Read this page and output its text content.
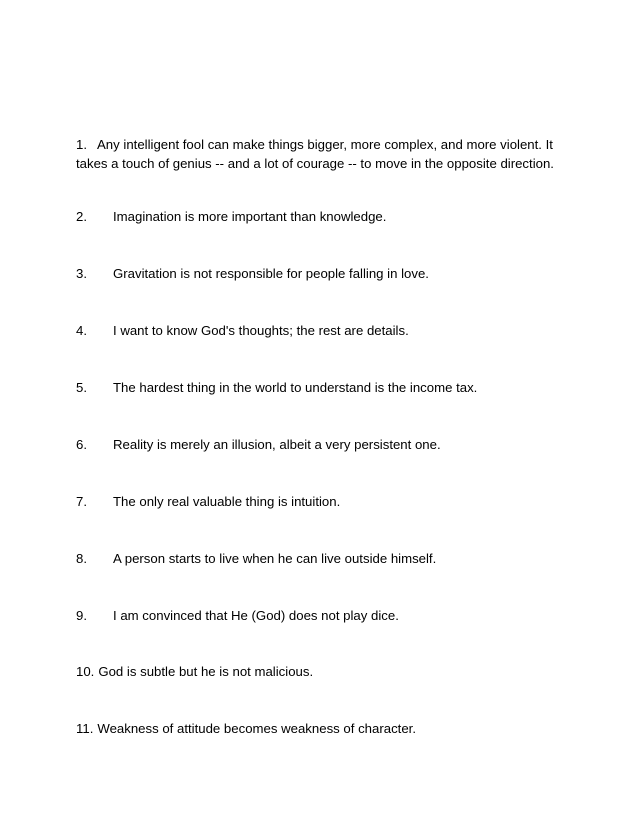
1. Any intelligent fool can make things bigger, more complex, and more violent. It
takes a touch of genius -- and a lot of courage -- to move in the opposite direction.
2. Imagination is more important than knowledge.
3. Gravitation is not responsible for people falling in love.
4. I want to know God's thoughts; the rest are details.
5. The hardest thing in the world to understand is the income tax.
6. Reality is merely an illusion, albeit a very persistent one.
7. The only real valuable thing is intuition.
8. A person starts to live when he can live outside himself.
9. I am convinced that He (God) does not play dice.
10. God is subtle but he is not malicious.
11. Weakness of attitude becomes weakness of character.
